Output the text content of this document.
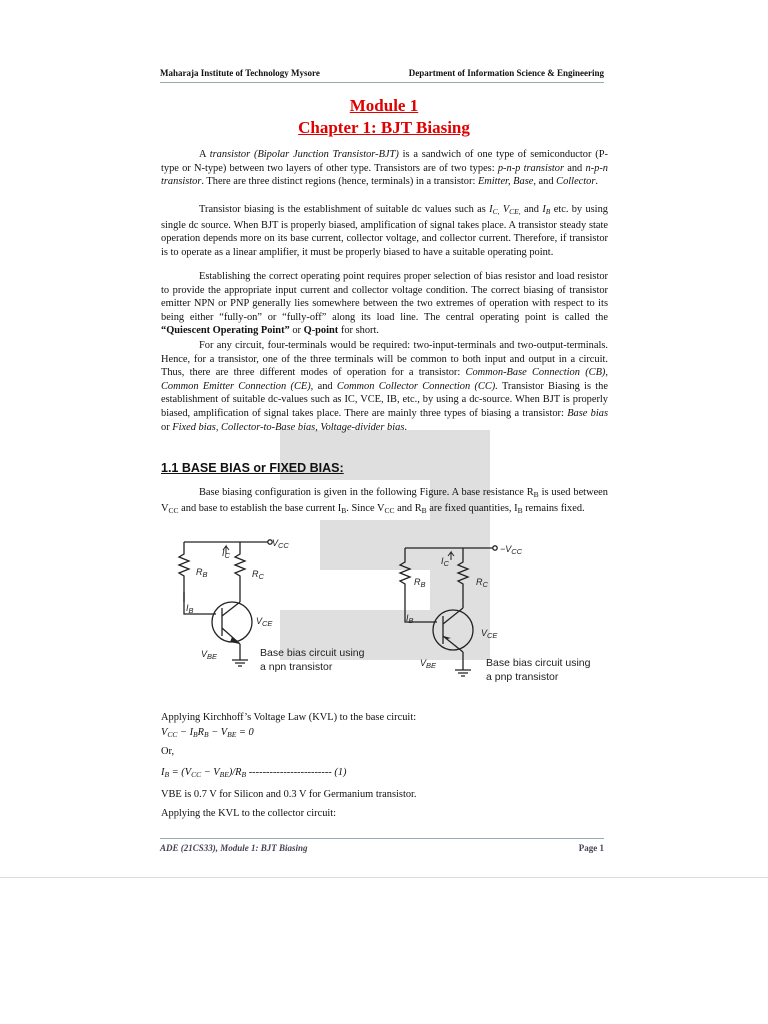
Maharaja Institute of Technology Mysore	Department of Information Science & Engineering
Module 1
Chapter 1: BJT Biasing
A transistor (Bipolar Junction Transistor-BJT) is a sandwich of one type of semiconductor (P-type or N-type) between two layers of other type. Transistors are of two types: p-n-p transistor and n-p-n transistor. There are three distinct regions (hence, terminals) in a transistor: Emitter, Base, and Collector.
Transistor biasing is the establishment of suitable dc values such as $I_{C,}$ $V_{CE,}$ and $I_B$ etc. by using single dc source. When BJT is properly biased, amplification of signal takes place. A transistor steady state operation depends more on its base current, collector voltage, and collector current. Therefore, if transistor is to operate as a linear amplifier, it must be properly biased to have a suitable operating point.
Establishing the correct operating point requires proper selection of bias resistor and load resistor to provide the appropriate input current and collector voltage condition. The correct biasing of transistor emitter NPN or PNP generally lies somewhere between the two extremes of operation with respect to its being either “fully-on” or “fully-off” along its load line. The central operating point is called the “Quiescent Operating Point” or Q-point for short.
For any circuit, four-terminals would be required: two-input-terminals and two-output-terminals. Hence, for a transistor, one of the three terminals will be common to both input and output in a circuit. Thus, there are three different modes of operation for a transistor: Common-Base Connection (CB), Common Emitter Connection (CE), and Common Collector Connection (CC). Transistor Biasing is the establishment of suitable dc-values such as IC, VCE, IB, etc., by using a dc-source. When BJT is properly biased, amplification of signal takes place. There are mainly three types of biasing a transistor: Base bias or Fixed bias, Collector-to-Base bias, Voltage-divider bias.
1.1 BASE BIAS or FIXED BIAS:
Base biasing configuration is given in the following Figure. A base resistance $R_B$ is used between $V_{CC}$ and base to establish the base current $I_B$. Since $V_{CC}$ and $R_B$ are fixed quantities, $I_B$ remains fixed.
$V_{CC}$
$I_C$
$R_B$	$R_C$
$I_B$
$V_{CE}$
$V_{BE}$	Base bias circuit using
a npn transistor
$-V_{CC}$
$I_C$
$R_B$	$R_C$
$I_B$
$V_{CE}$
$V_{BE}$	Base bias circuit using
a pnp transistor
Applying Kirchhoff’s Voltage Law (KVL) to the base circuit:
$V_{CC} - I_BR_B - V_{BE} = 0$
Or,
$I_B = (V_{CC} - V_{BE})/R_B$ ------------------------ (1)
VBE is 0.7 V for Silicon and 0.3 V for Germanium transistor.
Applying the KVL to the collector circuit:
ADE (21CS33), Module 1: BJT Biasing	Page 1
